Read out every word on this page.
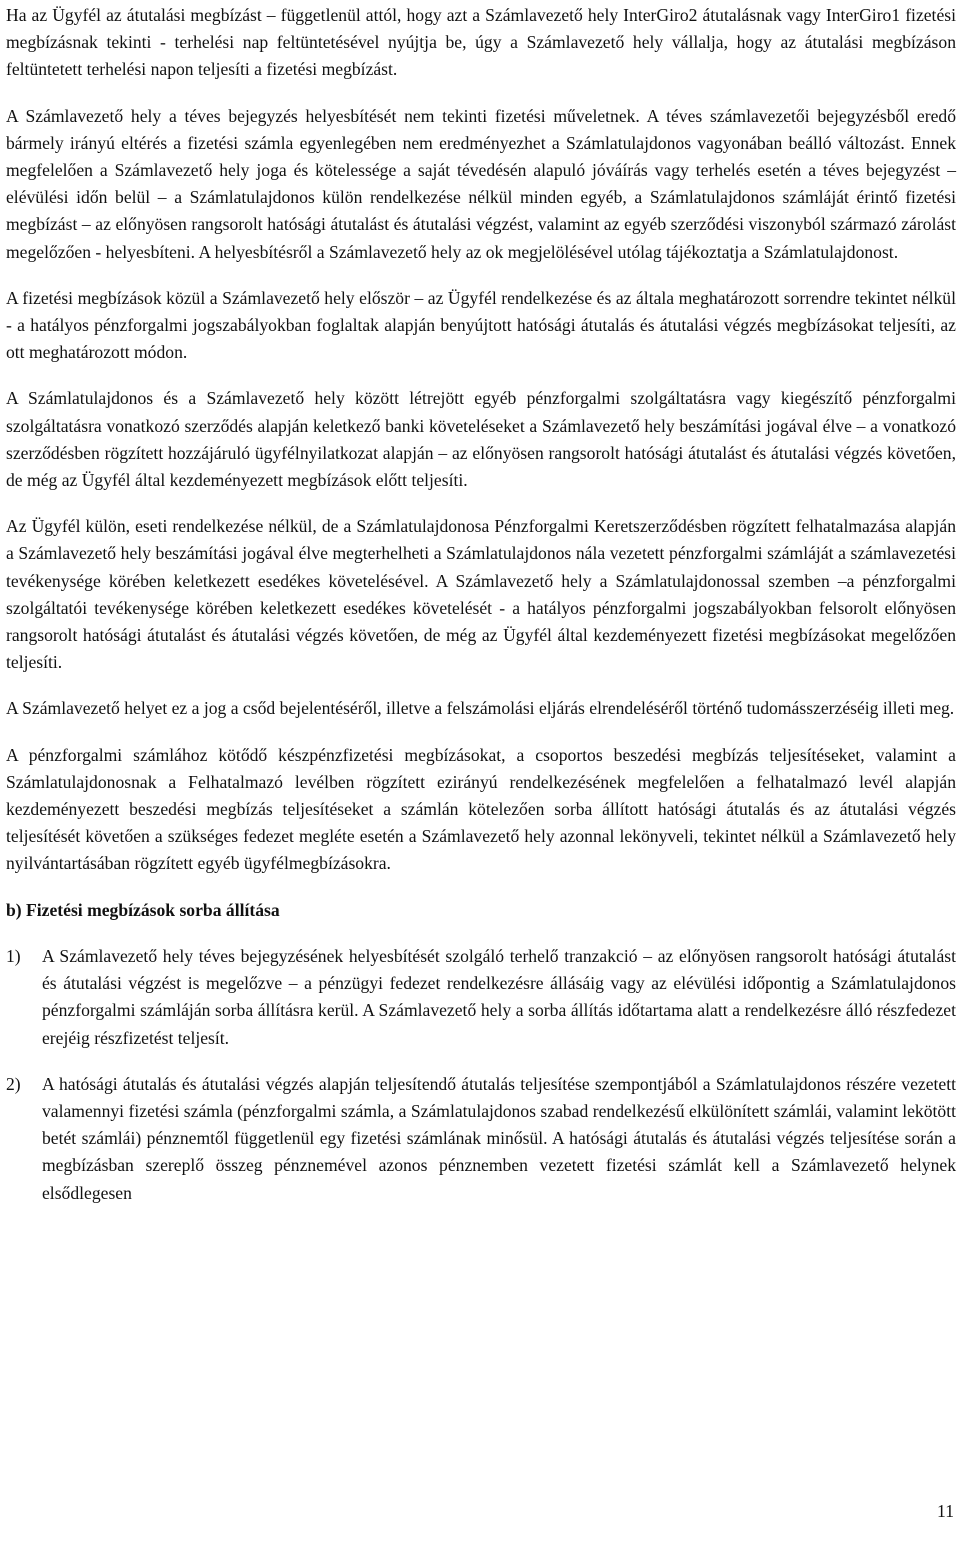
Ha az Ügyfél az átutalási megbízást – függetlenül attól, hogy azt a Számlavezető hely InterGiro2 átutalásnak vagy InterGiro1 fizetési megbízásnak tekinti - terhelési nap feltüntetésével nyújtja be, úgy a Számlavezető hely vállalja, hogy az átutalási megbízáson feltüntetett terhelési napon teljesíti a fizetési megbízást.

A Számlavezető hely a téves bejegyzés helyesbítését nem tekinti fizetési műveletnek. A téves számlavezetői bejegyzésből eredő bármely irányú eltérés a fizetési számla egyenlegében nem eredményezhet a Számlatulajdonos vagyonában beálló változást. Ennek megfelelően a Számlavezető hely joga és kötelessége a saját tévedésén alapuló jóváírás vagy terhelés esetén a téves bejegyzést – elévülési időn belül – a Számlatulajdonos külön rendelkezése nélkül minden egyéb, a Számlatulajdonos számláját érintő fizetési megbízást – az előnyösen rangsorolt hatósági átutalást és átutalási végzést, valamint az egyéb szerződési viszonyból származó zárolást megelőzően - helyesbíteni. A helyesbítésről a Számlavezető hely az ok megjelölésével utólag tájékoztatja a Számlatulajdonost.

A fizetési megbízások közül a Számlavezető hely először – az Ügyfél rendelkezése és az általa meghatározott sorrendre tekintet nélkül - a hatályos pénzforgalmi jogszabályokban foglaltak alapján benyújtott hatósági átutalás és átutalási végzés megbízásokat teljesíti, az ott meghatározott módon.

A Számlatulajdonos és a Számlavezető hely között létrejött egyéb pénzforgalmi szolgáltatásra vagy kiegészítő pénzforgalmi szolgáltatásra vonatkozó szerződés alapján keletkező banki követeléseket a Számlavezető hely beszámítási jogával élve – a vonatkozó szerződésben rögzített hozzájáruló ügyfélnyilatkozat alapján – az előnyösen rangsorolt hatósági átutalást és átutalási végzés követően, de még az Ügyfél által kezdeményezett megbízások előtt teljesíti.

Az Ügyfél külön, eseti rendelkezése nélkül, de a Számlatulajdonosa Pénzforgalmi Keretszerződésben rögzített felhatalmazása alapján a Számlavezető hely beszámítási jogával élve megterhelheti a Számlatulajdonos nála vezetett pénzforgalmi számláját a számlavezetési tevékenysége körében keletkezett esedékes követelésével. A Számlavezető hely a Számlatulajdonossal szemben –a pénzforgalmi szolgáltatói tevékenysége körében keletkezett esedékes követelését - a hatályos pénzforgalmi jogszabályokban felsorolt előnyösen rangsorolt hatósági átutalást és átutalási végzés követően, de még az Ügyfél által kezdeményezett fizetési megbízásokat megelőzően teljesíti.

A Számlavezető helyet ez a jog a csőd bejelentéséről, illetve a felszámolási eljárás elrendeléséről történő tudomásszerzéséig illeti meg.

A pénzforgalmi számlához kötődő készpénzfizetési megbízásokat, a csoportos beszedési megbízás teljesítéseket, valamint a Számlatulajdonosnak a Felhatalmazó levélben rögzített ezirányú rendelkezésének megfelelően a felhatalmazó levél alapján kezdeményezett beszedési megbízás teljesítéseket a számlán kötelezően sorba állított hatósági átutalás és az átutalási végzés teljesítését követően a szükséges fedezet megléte esetén a Számlavezető hely azonnal lekönyveli, tekintet nélkül a Számlavezető hely nyilvántartásában rögzített egyéb ügyfélmegbízásokra.

b) Fizetési megbízások sorba állítása

1)	A Számlavezető hely téves bejegyzésének helyesbítését szolgáló terhelő tranzakció – az előnyösen rangsorolt hatósági átutalást és átutalási végzést is megelőzve – a pénzügyi fedezet rendelkezésre állásáig vagy az elévülési időpontig a Számlatulajdonos pénzforgalmi számláján sorba állításra kerül. A Számlavezető hely a sorba állítás időtartama alatt a rendelkezésre álló részfedezet erejéig részfizetést teljesít.
2)	A hatósági átutalás és átutalási végzés alapján teljesítendő átutalás teljesítése szempontjából a Számlatulajdonos részére vezetett valamennyi fizetési számla (pénzforgalmi számla, a Számlatulajdonos szabad rendelkezésű elkülönített számlái, valamint lekötött betét számlái) pénznemtől függetlenül egy fizetési számlának minősül. A hatósági átutalás és átutalási végzés teljesítése során a megbízásban szereplő összeg pénznemével azonos pénznemben vezetett fizetési számlát kell a Számlavezető helynek elsődlegesen
11
